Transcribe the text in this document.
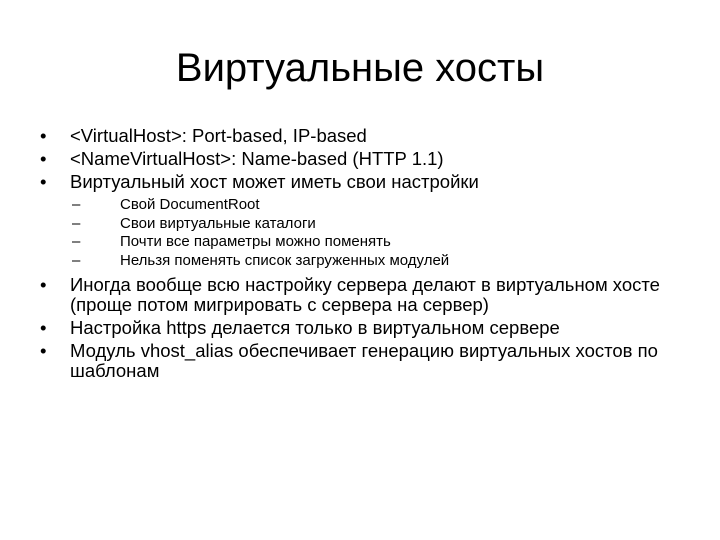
Виртуальные хосты
•	<VirtualHost>: Port-based, IP-based
•	<NameVirtualHost>: Name-based (HTTP 1.1)
•	Виртуальный хост может иметь свои настройки
–	Свой DocumentRoot
–	Свои виртуальные каталоги
–	Почти все параметры можно поменять
–	Нельзя поменять список загруженных модулей
•	Иногда вообще всю настройку сервера делают в виртуальном хосте (проще потом мигрировать с сервера на сервер)
•	Настройка https делается только в виртуальном сервере
•	Модуль vhost_alias обеспечивает генерацию виртуальных хостов по шаблонам
